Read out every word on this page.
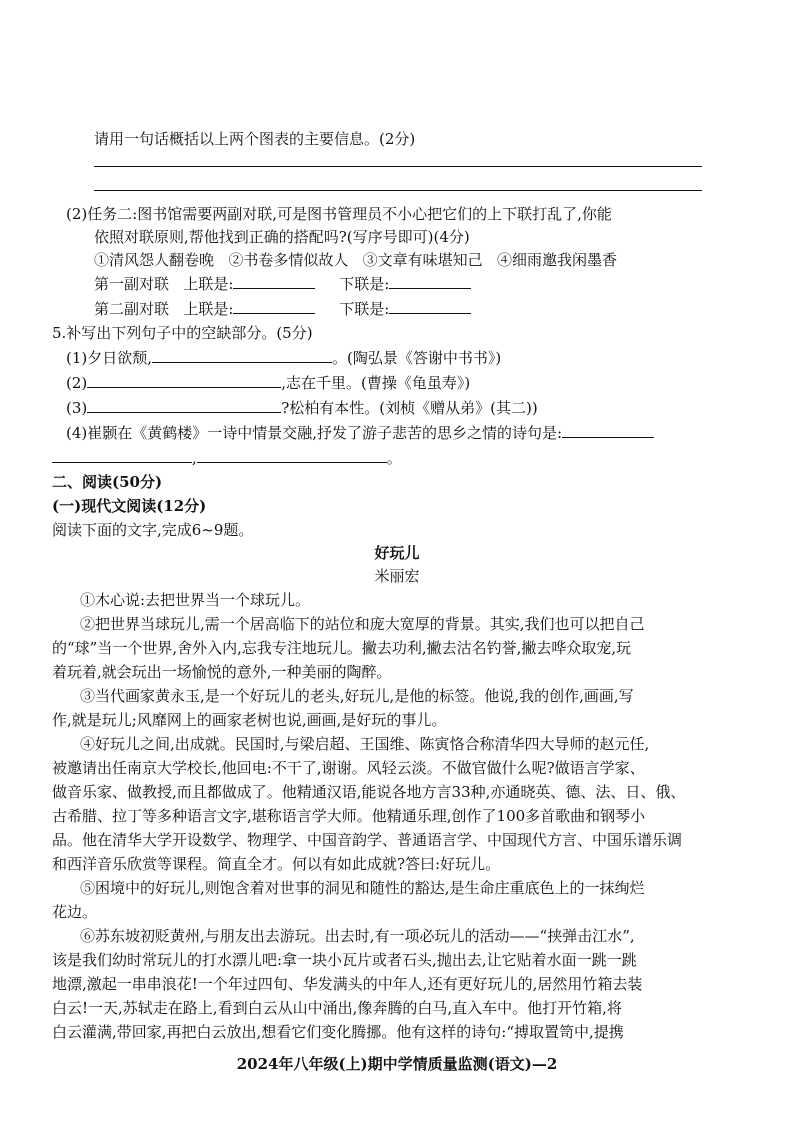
请用一句话概括以上两个图表的主要信息。(2分)
(2)任务二:图书馆需要两副对联,可是图书管理员不小心把它们的上下联打乱了,你能
依照对联原则,帮他找到正确的搭配吗?(写序号即可)(4分)
①清风怨人翻卷晚 ②书卷多情似故人 ③文章有味堪知己 ④细雨邀我闲墨香
第一副对联 上联是:	下联是:
第二副对联 上联是:	下联是:
5.补写出下列句子中的空缺部分。(5分)
(1)夕日欲颓,	。(陶弘景《答谢中书书》)
(2)	,志在千里。(曹操《龟虽寿》)
(3)	?松柏有本性。(刘桢《赠从弟》(其二))
(4)崔颢在《黄鹤楼》一诗中情景交融,抒发了游子悲苦的思乡之情的诗句是:
,	。
二、阅读(50分)
(一)现代文阅读(12分)
阅读下面的文字,完成6~9题。
好玩儿
米丽宏
①木心说:去把世界当一个球玩儿。
②把世界当球玩儿,需一个居高临下的站位和庞大宽厚的背景。其实,我们也可以把自己
的“球”当一个世界,舍外入内,忘我专注地玩儿。撇去功利,撇去沽名钓誉,撇去哗众取宠,玩
着玩着,就会玩出一场愉悦的意外,一种美丽的陶醉。
③当代画家黄永玉,是一个好玩儿的老头,好玩儿,是他的标签。他说,我的创作,画画,写
作,就是玩儿;风靡网上的画家老树也说,画画,是好玩的事儿。
④好玩儿之间,出成就。民国时,与梁启超、王国维、陈寅恪合称清华四大导师的赵元任,
被邀请出任南京大学校长,他回电:不干了,谢谢。风轻云淡。不做官做什么呢?做语言学家、
做音乐家、做教授,而且都做成了。他精通汉语,能说各地方言33种,亦通晓英、德、法、日、俄、
古希腊、拉丁等多种语言文字,堪称语言学大师。他精通乐理,创作了100多首歌曲和钢琴小
品。他在清华大学开设数学、物理学、中国音韵学、普通语言学、中国现代方言、中国乐谱乐调
和西洋音乐欣赏等课程。简直全才。何以有如此成就?答曰:好玩儿。
⑤困境中的好玩儿,则饱含着对世事的洞见和随性的豁达,是生命庄重底色上的一抹绚烂
花边。
⑥苏东坡初贬黄州,与朋友出去游玩。出去时,有一项必玩儿的活动——“挟弹击江水”,
该是我们幼时常玩儿的打水漂儿吧:拿一块小瓦片或者石头,抛出去,让它贴着水面一跳一跳
地漂,激起一串串浪花!一个年过四旬、华发满头的中年人,还有更好玩儿的,居然用竹箱去装
白云!一天,苏轼走在路上,看到白云从山中涌出,像奔腾的白马,直入车中。他打开竹箱,将
白云灌满,带回家,再把白云放出,想看它们变化腾挪。他有这样的诗句:“搏取置笥中,提携
2024年八年级(上)期中学情质量监测(语文)—2
